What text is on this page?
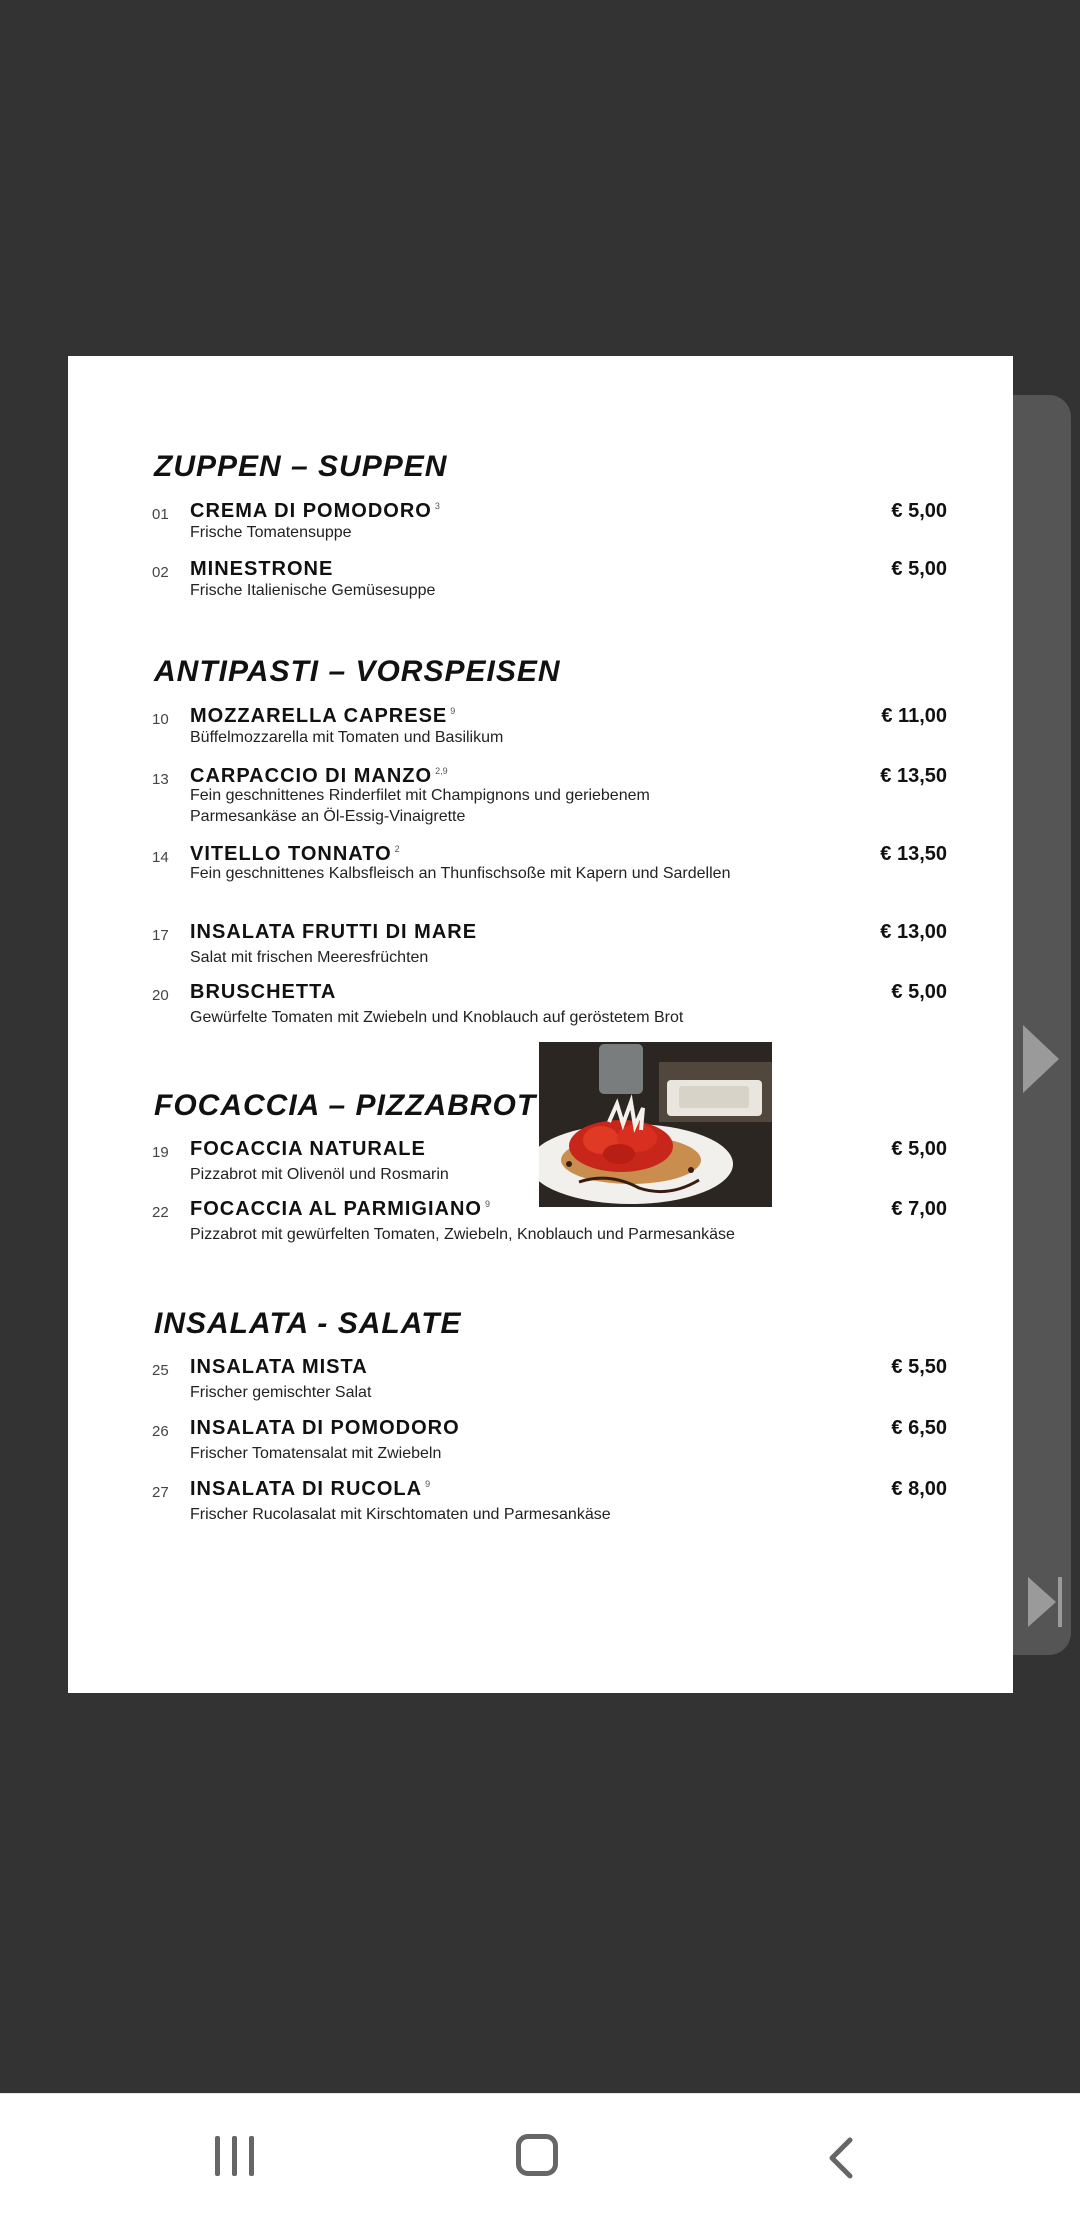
ZUPPEN – SUPPEN
01 CREMA DI POMODORO $^3$	€ 5,00
Frische Tomatensuppe
02 MINESTRONE	€ 5,00
Frische Italienische Gemüsesuppe
ANTIPASTI – VORSPEISEN
10 MOZZARELLA CAPRESE $^9$	€ 11,00
Büffelmozzarella mit Tomaten und Basilikum
13 CARPACCIO DI MANZO $^{2,9}$	€ 13,50
Fein geschnittenes Rinderfilet mit Champignons und geriebenem Parmesankäse an Öl-Essig-Vinaigrette
14 VITELLO TONNATO $^2$	€ 13,50
Fein geschnittenes Kalbsfleisch an Thunfischsoße mit Kapern und Sardellen
17 INSALATA FRUTTI DI MARE	€ 13,00
Salat mit frischen Meeresfrüchten
20 BRUSCHETTA	€ 5,00
Gewürfelte Tomaten mit Zwiebeln und Knoblauch auf geröstetem Brot
FOCACCIA – PIZZABROT
19 FOCACCIA NATURALE	€ 5,00
Pizzabrot mit Olivenöl und Rosmarin
22 FOCACCIA AL PARMIGIANO $^9$	€ 7,00
Pizzabrot mit gewürfelten Tomaten, Zwiebeln, Knoblauch und Parmesankäse
INSALATA - SALATE
25 INSALATA MISTA	€ 5,50
Frischer gemischter Salat
26 INSALATA DI POMODORO	€ 6,50
Frischer Tomatensalat mit Zwiebeln
27 INSALATA DI RUCOLA $^9$	€ 8,00
Frischer Rucolasalat mit Kirschtomaten und Parmesankäse
